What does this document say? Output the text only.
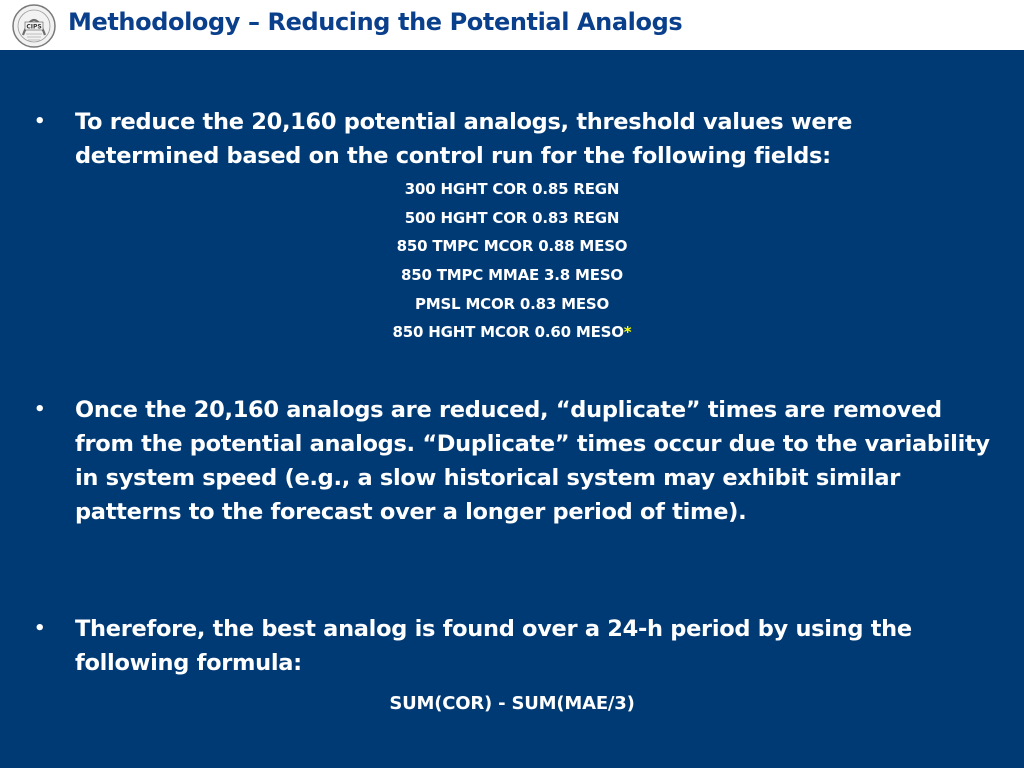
CIPS Methodology – Reducing the Potential Analogs
•	To reduce the 20,160 potential analogs, threshold values were determined based on the control run for the following fields:
300 HGHT COR 0.85 REGN
500 HGHT COR 0.83 REGN
850 TMPC MCOR 0.88 MESO
850 TMPC MMAE 3.8 MESO
PMSL MCOR 0.83 MESO
850 HGHT MCOR 0.60 MESO*
•	Once the 20,160 analogs are reduced, “duplicate” times are removed from the potential analogs. “Duplicate” times occur due to the variability in system speed (e.g., a slow historical system may exhibit similar patterns to the forecast over a longer period of time).
•	Therefore, the best analog is found over a 24-h period by using the following formula:
SUM(COR) - SUM(MAE/3)
